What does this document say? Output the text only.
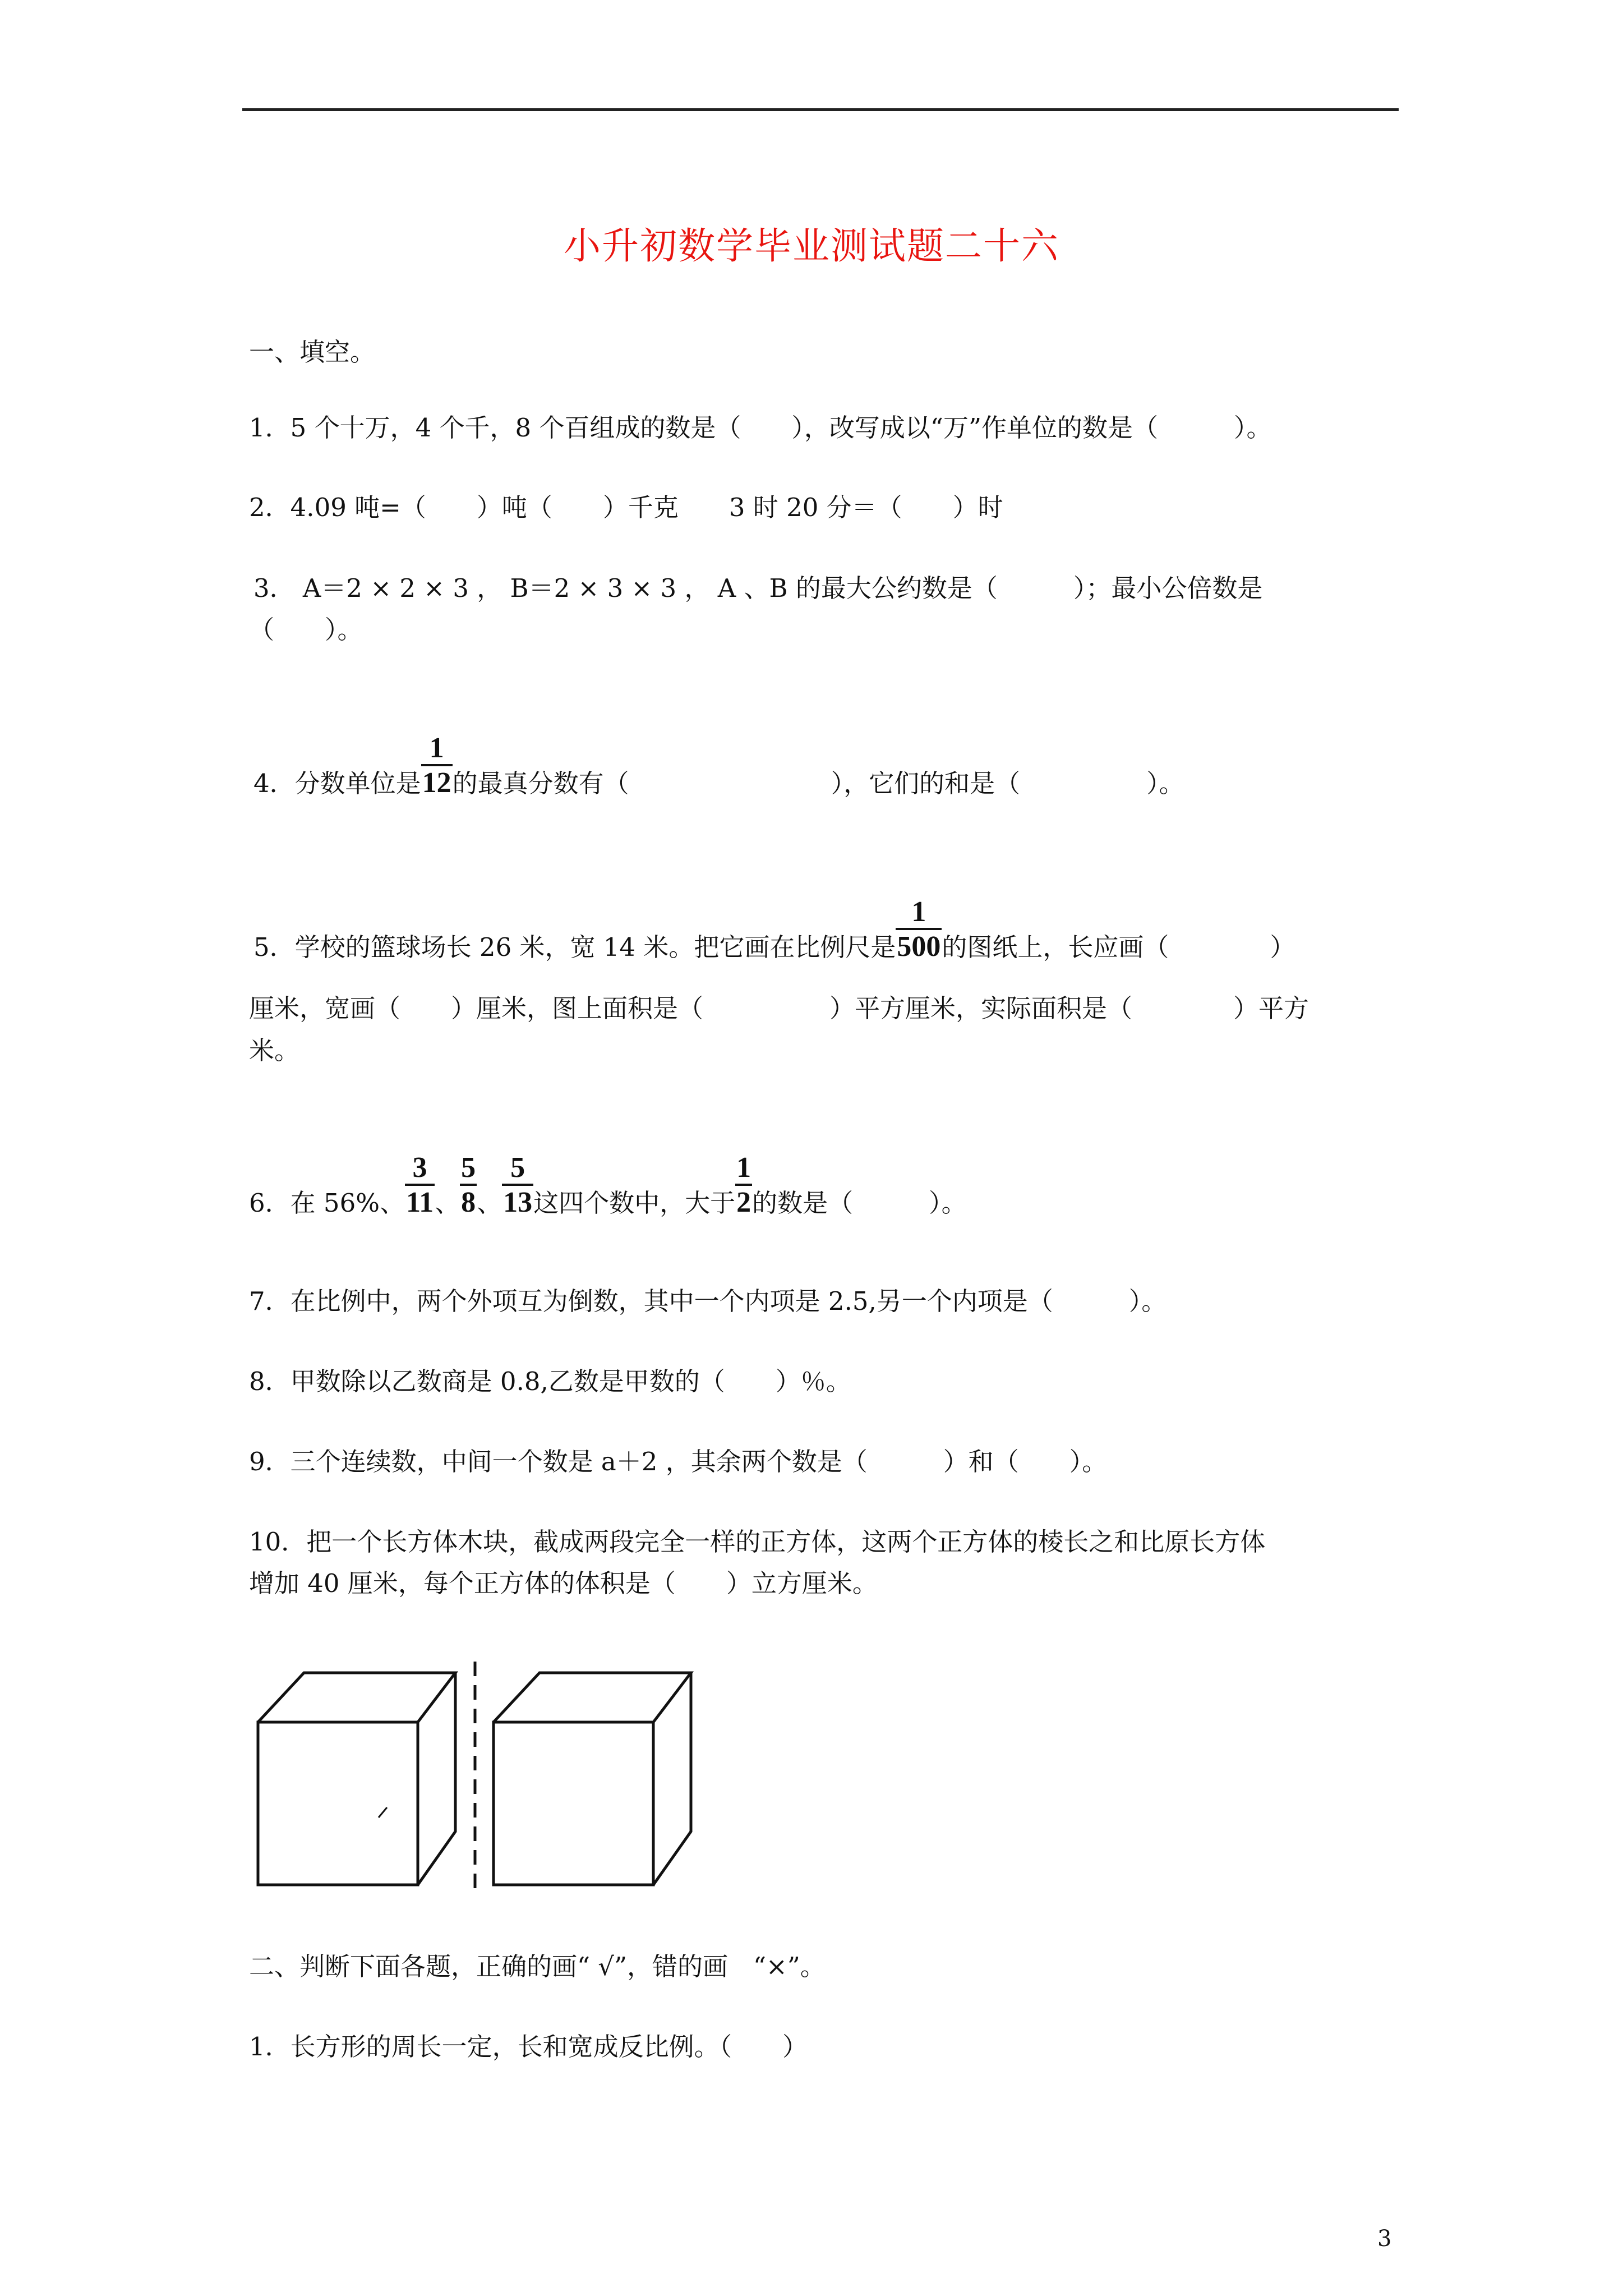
小升初数学毕业测试题二十六
一、填空。
1．5 个十万，4 个千，8 个百组成的数是（　　），改写成以“万”作单位的数是（　　　）。
2．4.09 吨=（　　）吨（　　）千克　　3 时 20 分＝（　　）时
3． A＝2 × 2 × 3 ， B＝2 × 3 × 3 ， A 、B 的最大公约数是（　　　）；最小公倍数是
（　　）。
4．分数单位是 $\frac{1}{12}$的最真分数有（　　　　　　　　），它们的和是（　　　　　）。
5．学校的篮球场长 26 米，宽 14 米。把它画在比例尺是 $\frac{1}{500}$的图纸上，长应画（　　　　）
厘米，宽画（　　）厘米，图上面积是（　　　　　）平方厘米，实际面积是（　　　　）平方
米。
6．在 56%、 $\frac{3}{11}$、 $\frac{5}{8}$、 $\frac{5}{13}$这四个数中，大于 $\frac{1}{2}$的数是（　　　）。
7．在比例中，两个外项互为倒数，其中一个内项是 2.5,另一个内项是（　　　）。
8．甲数除以乙数商是 0.8,乙数是甲数的（　　）％。
9．三个连续数，中间一个数是 a＋2 ，其余两个数是（　　　）和（　　）。
10．把一个长方体木块，截成两段完全一样的正方体，这两个正方体的棱长之和比原长方体
增加 40 厘米，每个正方体的体积是（　　）立方厘米。
二、判断下面各题，正确的画“ √”，错的画　“×”。
1．长方形的周长一定，长和宽成反比例。（　　）
3
